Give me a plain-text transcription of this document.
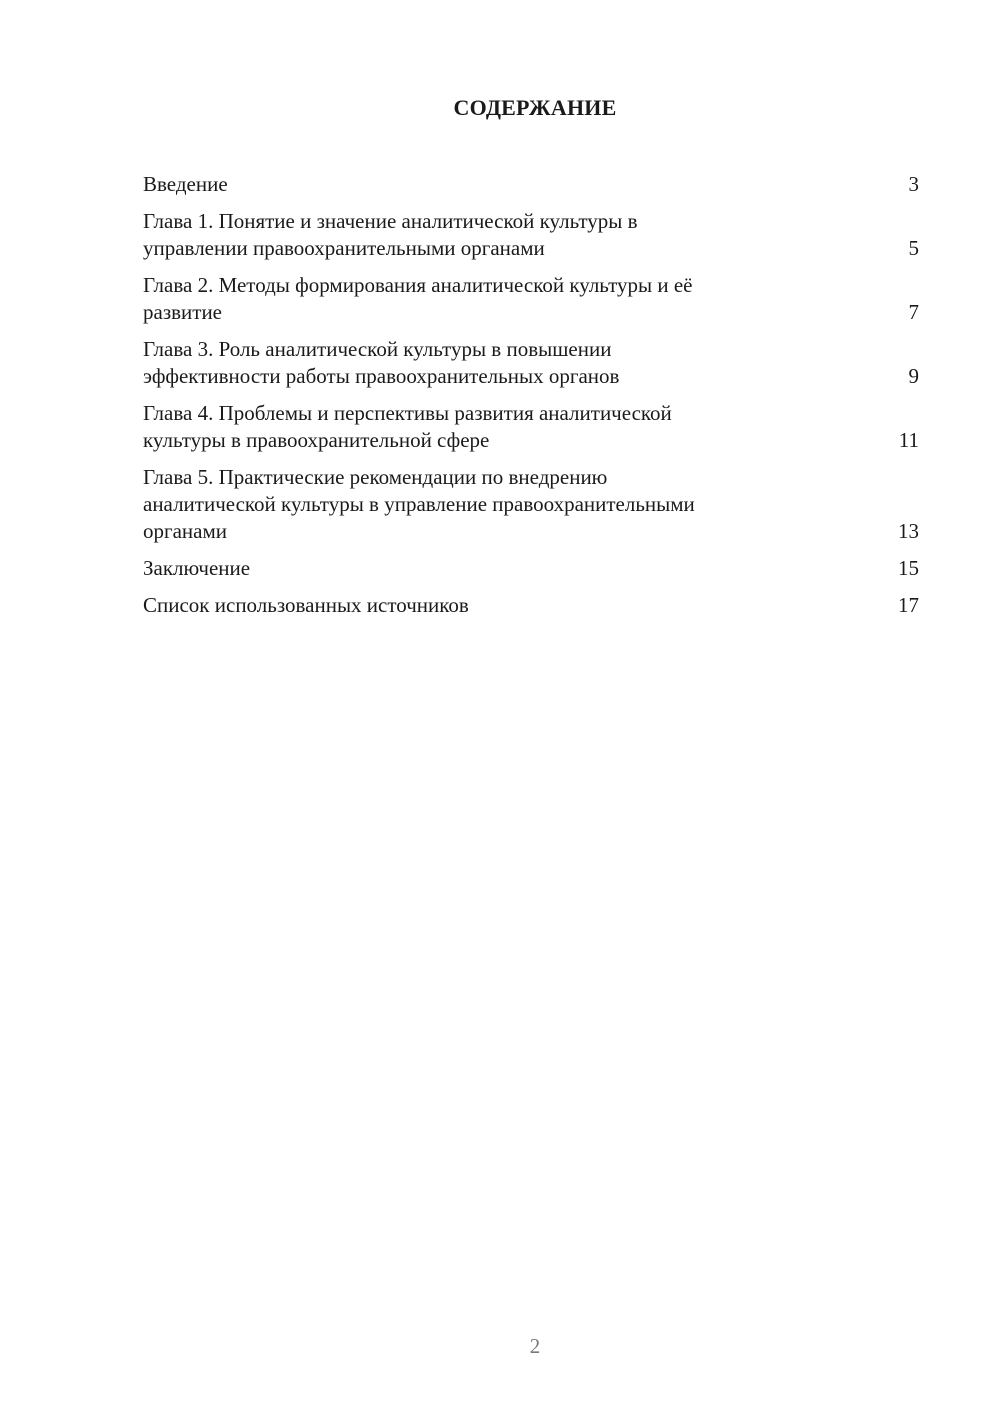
СОДЕРЖАНИЕ
Введение	3
Глава 1. Понятие и значение аналитической культуры в
управлении правоохранительными органами	5
Глава 2. Методы формирования аналитической культуры и её
развитие	7
Глава 3. Роль аналитической культуры в повышении
эффективности работы правоохранительных органов	9
Глава 4. Проблемы и перспективы развития аналитической
культуры в правоохранительной сфере	11
Глава 5. Практические рекомендации по внедрению
аналитической культуры в управление правоохранительными
органами	13
Заключение	15
Список использованных источников	17
2
